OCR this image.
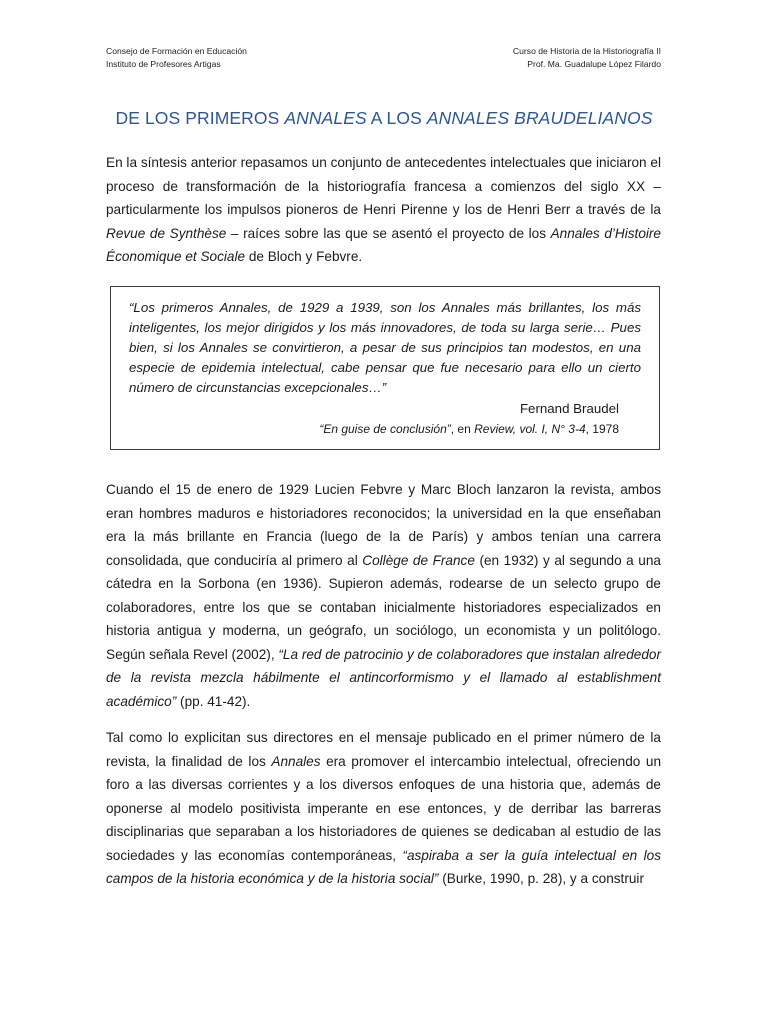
Consejo de Formación en Educación
Instituto de Profesores Artigas
Curso de Historia de la Historiografía II
Prof. Ma. Guadalupe López Filardo
DE LOS PRIMEROS ANNALES A LOS ANNALES BRAUDELIANOS
En la síntesis anterior repasamos un conjunto de antecedentes intelectuales que iniciaron el proceso de transformación de la historiografía francesa a comienzos del siglo XX – particularmente los impulsos pioneros de Henri Pirenne y los de Henri Berr a través de la Revue de Synthèse – raíces sobre las que se asentó el proyecto de los Annales d’Histoire Économique et Sociale de Bloch y Febvre.
“Los primeros Annales, de 1929 a 1939, son los Annales más brillantes, los más inteligentes, los mejor dirigidos y los más innovadores, de toda su larga serie… Pues bien, si los Annales se convirtieron, a pesar de sus principios tan modestos, en una especie de epidemia intelectual, cabe pensar que fue necesario para ello un cierto número de circunstancias excepcionales…”
Fernand Braudel
“En guise de conclusión”, en Review, vol. I, N° 3-4, 1978
Cuando el 15 de enero de 1929 Lucien Febvre y Marc Bloch lanzaron la revista, ambos eran hombres maduros e historiadores reconocidos; la universidad en la que enseñaban era la más brillante en Francia (luego de la de París) y ambos tenían una carrera consolidada, que conduciría al primero al Collège de France (en 1932) y al segundo a una cátedra en la Sorbona (en 1936). Supieron además, rodearse de un selecto grupo de colaboradores, entre los que se contaban inicialmente historiadores especializados en historia antigua y moderna, un geógrafo, un sociólogo, un economista y un politólogo. Según señala Revel (2002), “La red de patrocinio y de colaboradores que instalan alrededor de la revista mezcla hábilmente el antincorformismo y el llamado al establishment académico” (pp. 41-42).
Tal como lo explicitan sus directores en el mensaje publicado en el primer número de la revista, la finalidad de los Annales era promover el intercambio intelectual, ofreciendo un foro a las diversas corrientes y a los diversos enfoques de una historia que, además de oponerse al modelo positivista imperante en ese entonces, y de derribar las barreras disciplinarias que separaban a los historiadores de quienes se dedicaban al estudio de las sociedades y las economías contemporáneas, “aspiraba a ser la guía intelectual en los campos de la historia económica y de la historia social” (Burke, 1990, p. 28), y a construir
